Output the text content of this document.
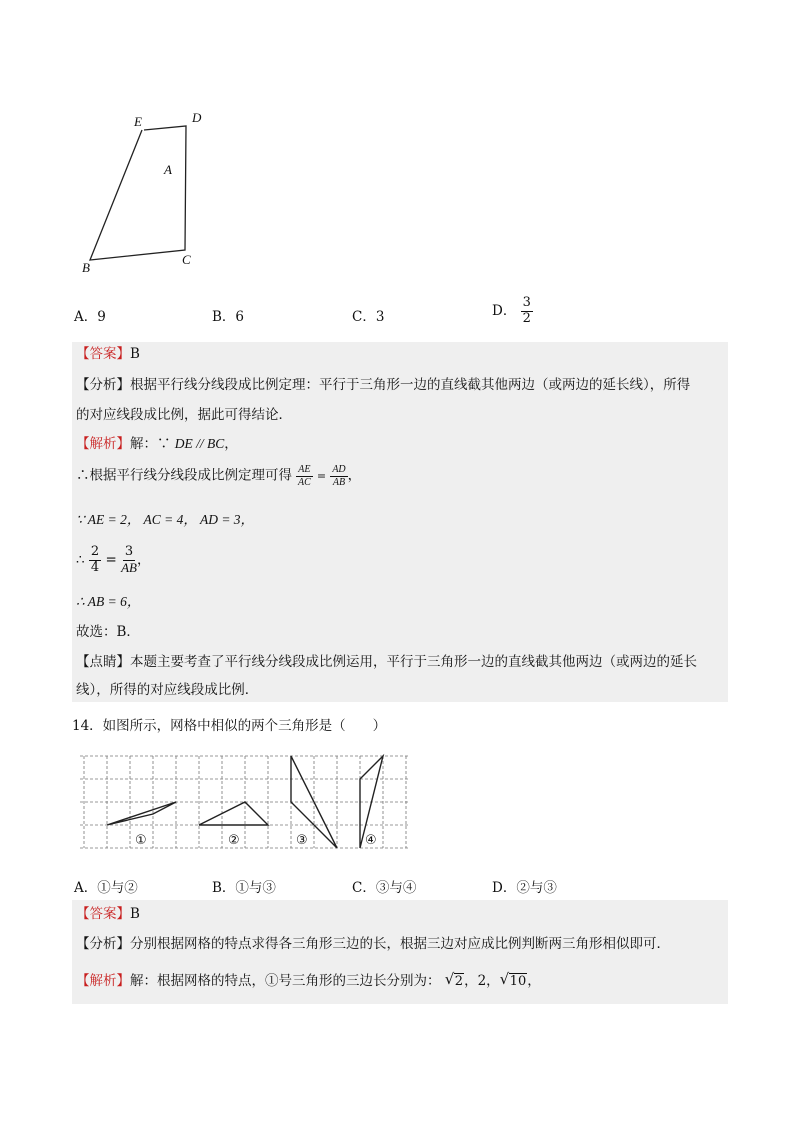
E	D
A
B
C
A．9	B．6	C．3	D． $\frac{3}{2}$
【答案】B
【分析】根据平行线分线段成比例定理：平行于三角形一边的直线截其他两边（或两边的延长线），所得
的对应线段成比例，据此可得结论．
【解析】解：∵ DE // BC，
∴根据平行线分线段成比例定理可得 $\frac{AE}{AC} = \frac{AD}{AB}$ ，
∵ AE = 2， AC = 4， AD = 3，
∴ $\frac{2}{4} = \frac{3}{AB}$ ，
∴ AB = 6，
故选：B．
【点睛】本题主要考查了平行线分线段成比例运用，平行于三角形一边的直线截其他两边（或两边的延长
线），所得的对应线段成比例．
14．如图所示，网格中相似的两个三角形是（　　）
①	②	③	④
A．①与②	B．①与③	C．③与④	D．②与③
【答案】B
【分析】分别根据网格的特点求得各三角形三边的长，根据三边对应成比例判断两三角形相似即可．
【解析】解：根据网格的特点，①号三角形的三边长分别为： √ 2，2， √ 10，
